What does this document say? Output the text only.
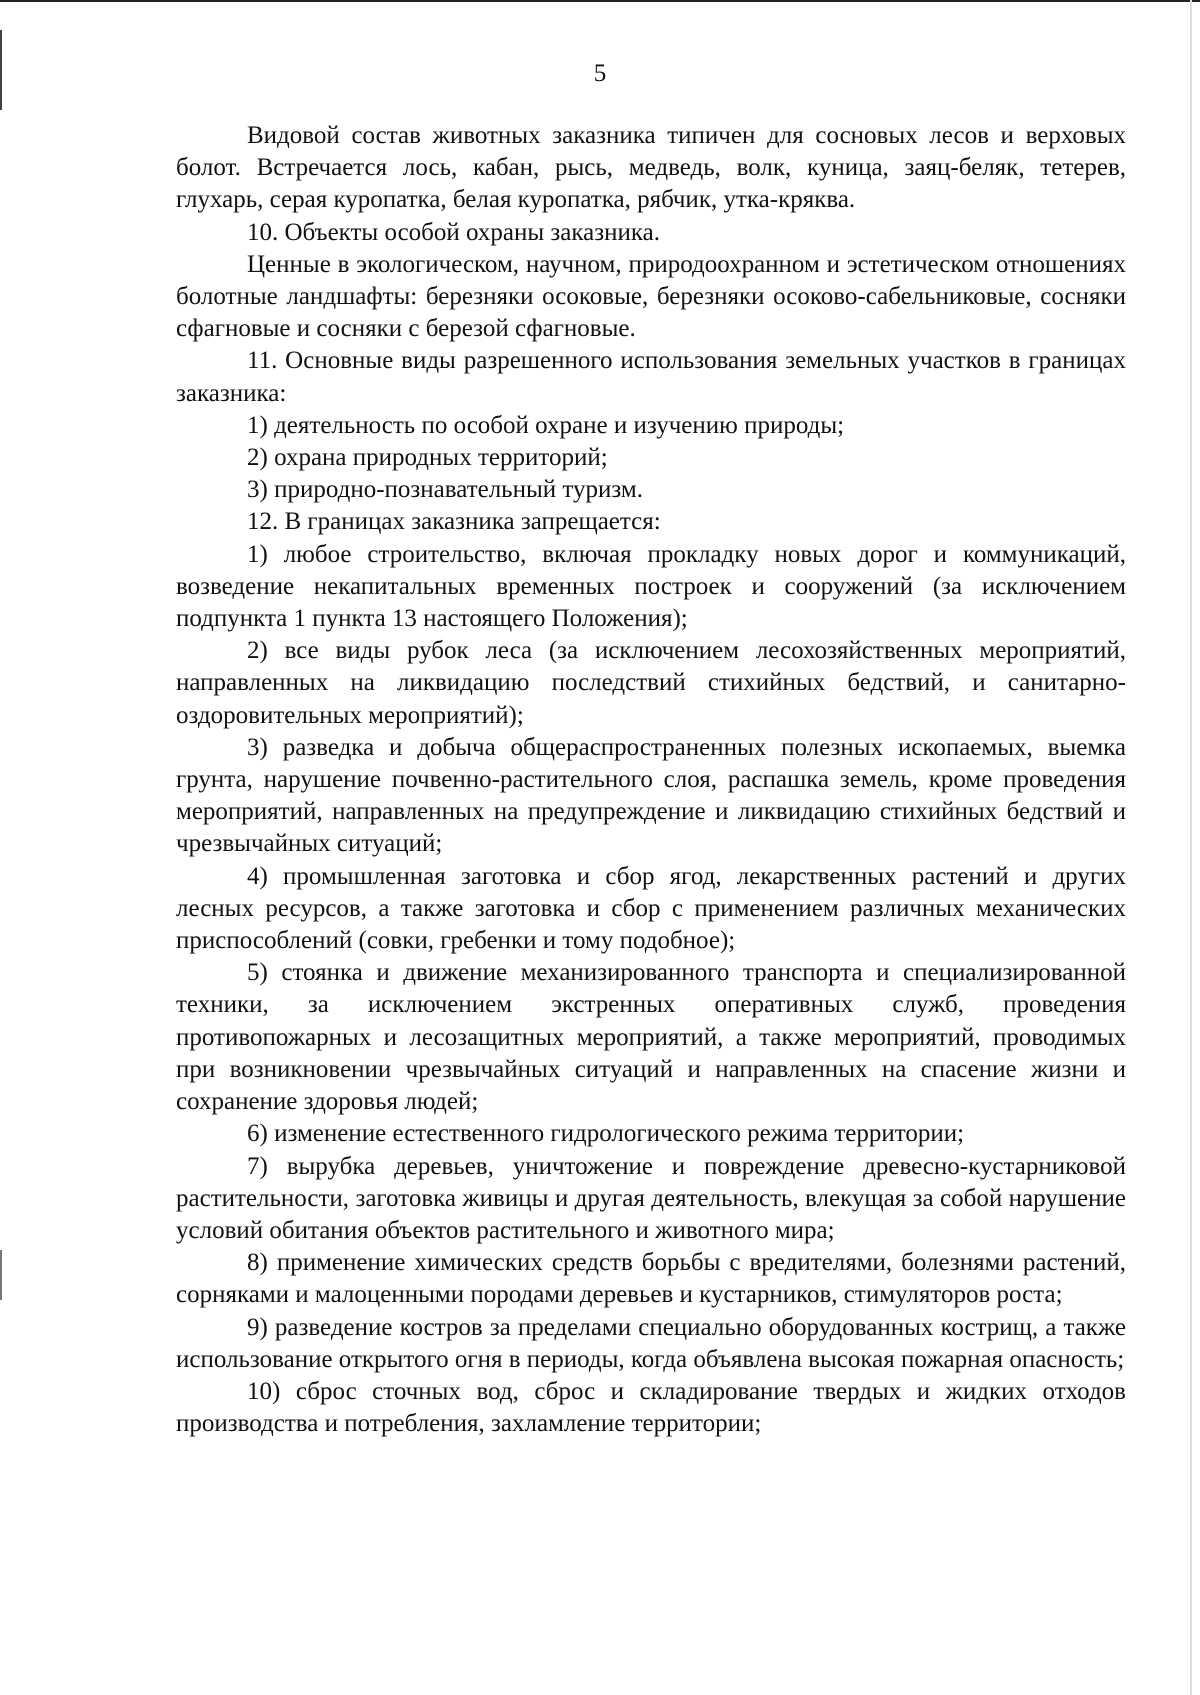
5

Видовой состав животных заказника типичен для сосновых лесов и верховых болот. Встречается лось, кабан, рысь, медведь, волк, куница, заяц-беляк, тетерев, глухарь, серая куропатка, белая куропатка, рябчик, утка-кряква.

10. Объекты особой охраны заказника.

Ценные в экологическом, научном, природоохранном и эстетическом отношениях болотные ландшафты: березняки осоковые, березняки осоково-сабельниковые, сосняки сфагновые и сосняки с березой сфагновые.

11. Основные виды разрешенного использования земельных участков в границах заказника:

1) деятельность по особой охране и изучению природы;

2) охрана природных территорий;

3) природно-познавательный туризм.

12. В границах заказника запрещается:

1) любое строительство, включая прокладку новых дорог и коммуникаций, возведение некапитальных временных построек и сооружений (за исключением подпункта 1 пункта 13 настоящего Положения);

2) все виды рубок леса (за исключением лесохозяйственных мероприятий, направленных на ликвидацию последствий стихийных бедствий, и санитарно-оздоровительных мероприятий);

3) разведка и добыча общераспространенных полезных ископаемых, выемка грунта, нарушение почвенно-растительного слоя, распашка земель, кроме проведения мероприятий, направленных на предупреждение и ликвидацию стихийных бедствий и чрезвычайных ситуаций;

4) промышленная заготовка и сбор ягод, лекарственных растений и других лесных ресурсов, а также заготовка и сбор с применением различных механических приспособлений (совки, гребенки и тому подобное);

5) стоянка и движение механизированного транспорта и специализированной техники, за исключением экстренных оперативных служб, проведения противопожарных и лесозащитных мероприятий, а также мероприятий, проводимых при возникновении чрезвычайных ситуаций и направленных на спасение жизни и сохранение здоровья людей;

6) изменение естественного гидрологического режима территории;

7) вырубка деревьев, уничтожение и повреждение древесно-кустарниковой растительности, заготовка живицы и другая деятельность, влекущая за собой нарушение условий обитания объектов растительного и животного мира;

8) применение химических средств борьбы с вредителями, болезнями растений, сорняками и малоценными породами деревьев и кустарников, стимуляторов роста;

9) разведение костров за пределами специально оборудованных кострищ, а также использование открытого огня в периоды, когда объявлена высокая пожарная опасность;

10) сброс сточных вод, сброс и складирование твердых и жидких отходов производства и потребления, захламление территории;
